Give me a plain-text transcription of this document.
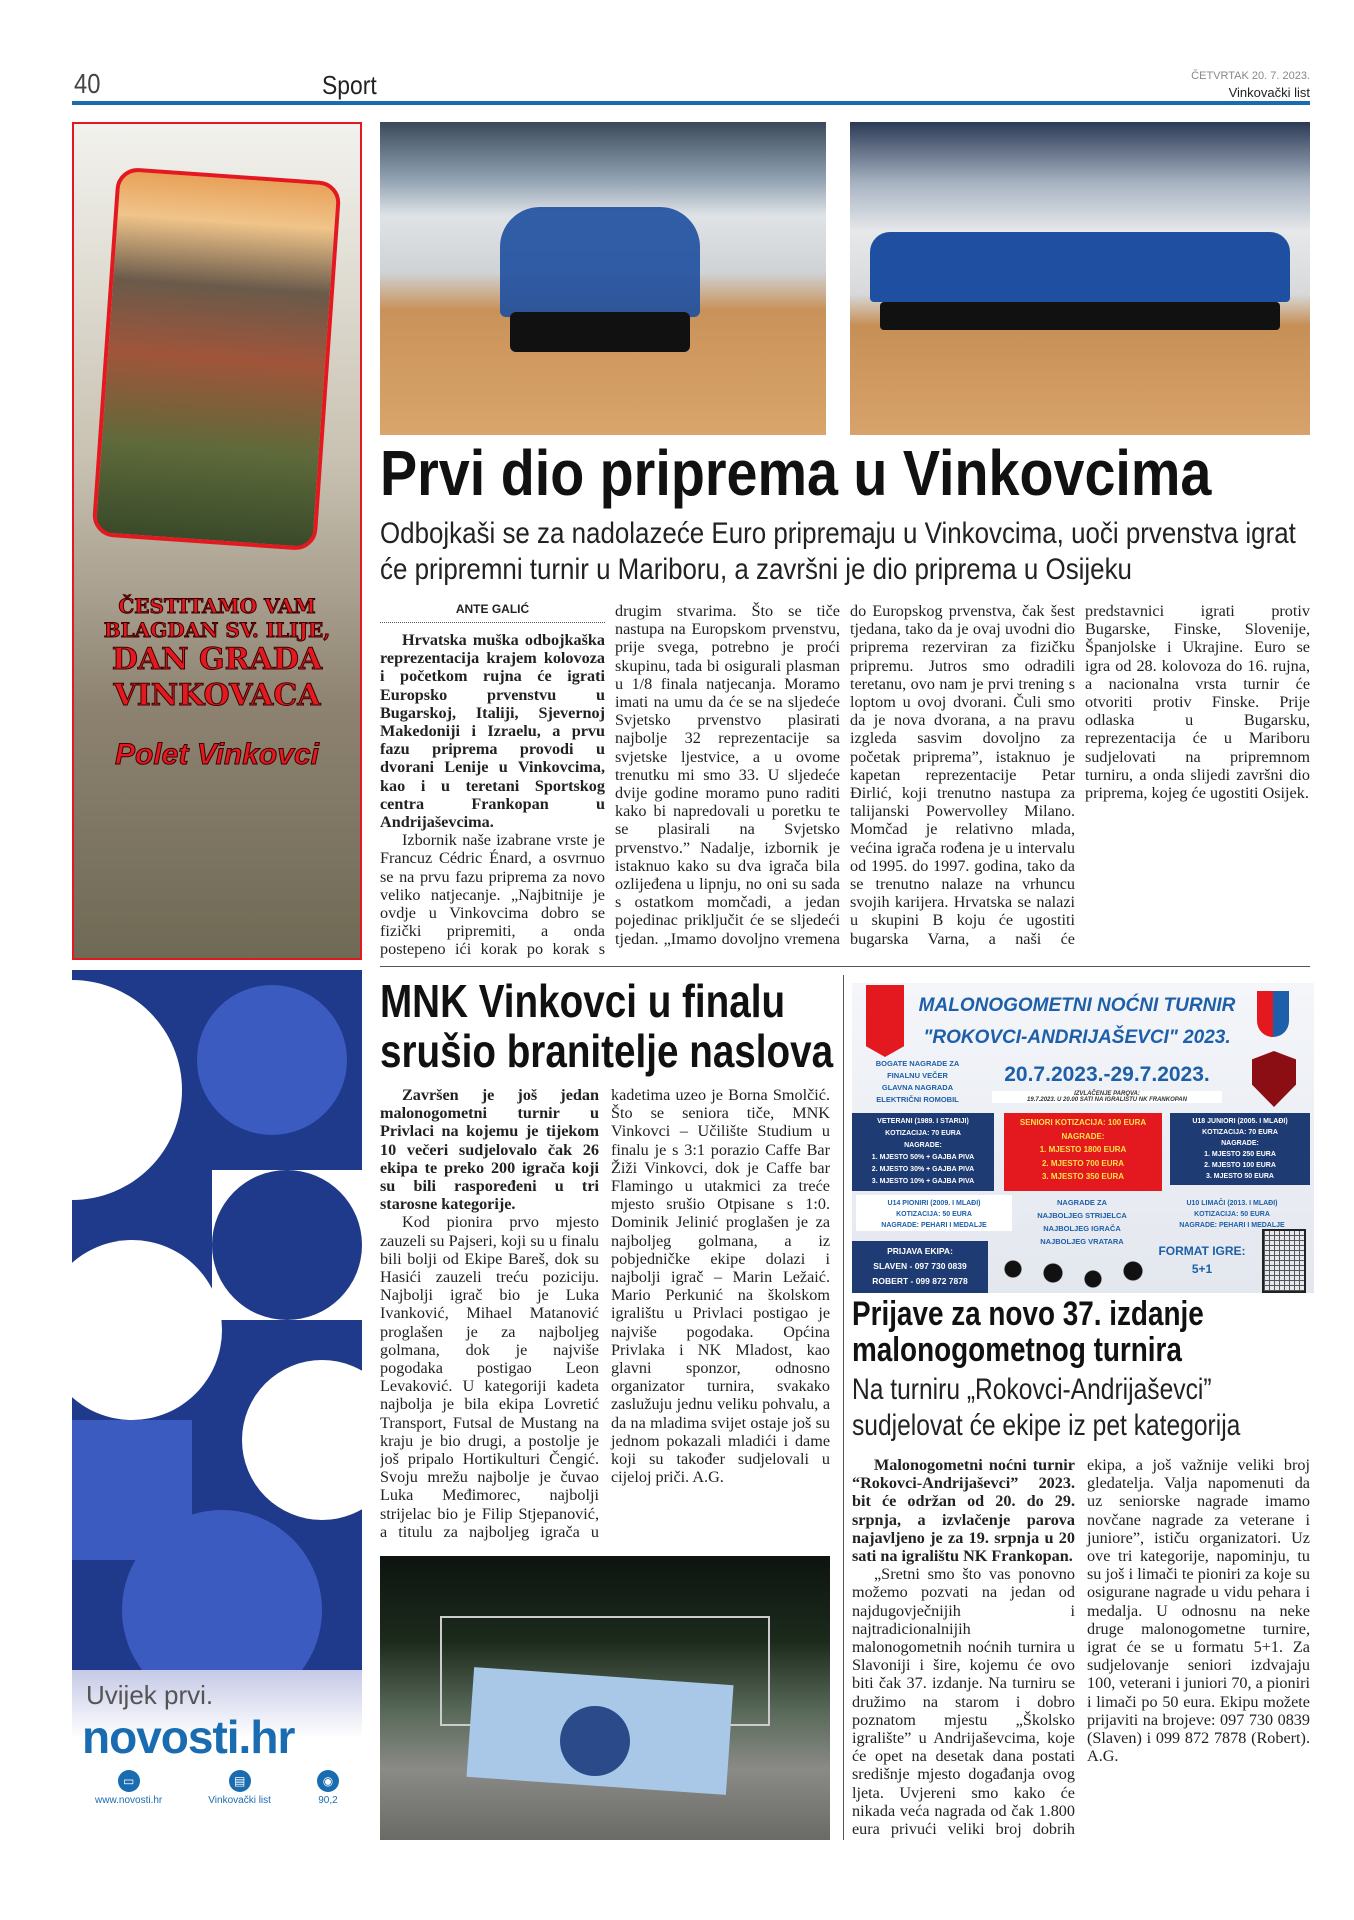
40	Sport	ČETVRTAK 20. 7. 2023.
Vinkovački list
ČESTITAMO VAM
BLAGDAN SV. ILIJE,
DAN GRADA
VINKOVACA
Polet Vinkovci
Prvi dio priprema u Vinkovcima
Odbojkaši se za nadolazeće Euro pripremaju u Vinkovcima, uoči prvenstva igrat će pripremni turnir u Mariboru, a završni je dio priprema u Osijeku
ANTE GALIĆ

Hrvatska muška odbojkaška reprezentacija krajem kolovoza i početkom rujna će igrati Europsko prvenstvu u Bugarskoj, Italiji, Sjevernoj Makedoniji i Izraelu, a prvu fazu priprema provodi u dvorani Lenije u Vinkovcima, kao i u teretani Sportskog centra Frankopan u Andrijaševcima.

Izbornik naše izabrane vrste je Francuz Cédric Énard, a osvrnuo se na prvu fazu priprema za novo veliko natjecanje. „Najbitnije je ovdje u Vinkovcima dobro se fizički pripremiti, a onda postepeno ići korak po korak s drugim stvarima. Što se tiče nastupa na Europskom prvenstvu, prije svega, potrebno je proći skupinu, tada bi osigurali plasman u 1/8 finala natjecanja. Moramo imati na umu da će se na sljedeće Svjetsko prvenstvo plasirati najbolje 32 reprezentacije sa svjetske ljestvice, a u ovome trenutku mi smo 33. U sljedeće dvije godine moramo puno raditi kako bi napredovali u poretku te se plasirali na Svjetsko prvenstvo.” Nadalje, izbornik je istaknuo kako su dva igrača bila ozlijeđena u lipnju, no oni su sada s ostatkom momčadi, a jedan pojedinac priključit će se sljedeći tjedan. „Imamo dovoljno vremena do Europskog prvenstva, čak šest tjedana, tako da je ovaj uvodni dio priprema rezerviran za fizičku pripremu. Jutros smo odradili teretanu, ovo nam je prvi trening s loptom u ovoj dvorani. Čuli smo da je nova dvorana, a na pravu izgleda sasvim dovoljno za početak priprema”, istaknuo je kapetan reprezentacije Petar Đirlić, koji trenutno nastupa za talijanski Powervolley Milano. Momčad je relativno mlada, većina igrača rođena je u intervalu od 1995. do 1997. godina, tako da se trenutno nalaze na vrhuncu svojih karijera. Hrvatska se nalazi u skupini B koju će ugostiti bugarska Varna, a naši će predstavnici igrati protiv Bugarske, Finske, Slovenije, Španjolske i Ukrajine. Euro se igra od 28. kolovoza do 16. rujna, a nacionalna vrsta turnir će otvoriti protiv Finske. Prije odlaska u Bugarsku, reprezentacija će u Mariboru sudjelovati na pripremnom turniru, a onda slijedi završni dio priprema, kojeg će ugostiti Osijek.

Uvijek prvi.
novosti.hr
▭
www.novosti.hr
▤
Vinkovački list
◉
90,2
MNK Vinkovci u finalu
srušio branitelje naslova

Završen je još jedan malonogometni turnir u Privlaci na kojemu je tijekom 10 večeri sudjelovalo čak 26 ekipa te preko 200 igrača koji su bili raspoređeni u tri starosne kategorije.

Kod pionira prvo mjesto zauzeli su Pajseri, koji su u finalu bili bolji od Ekipe Bareš, dok su Hasići zauzeli treću poziciju. Najbolji igrač bio je Luka Ivanković, Mihael Matanović proglašen je za najboljeg golmana, dok je najviše pogodaka postigao Leon Levaković. U kategoriji kadeta najbolja je bila ekipa Lovretić Transport, Futsal de Mustang na kraju je bio drugi, a postolje je još pripalo Hortikulturi Čengić. Svoju mrežu najbolje je čuvao Luka Međimorec, najbolji strijelac bio je Filip Stjepanović, a titulu za najboljeg igrača u kadetima uzeo je Borna Smolčić. Što se seniora tiče, MNK Vinkovci – Učilište Studium u finalu je s 3:1 porazio Caffe Bar Žiži Vinkovci, dok je Caffe bar Flamingo u utakmici za treće mjesto srušio Otpisane s 1:0. Dominik Jelinić proglašen je za najboljeg golmana, a iz pobjedničke ekipe dolazi i najbolji igrač – Marin Ležaić. Mario Perkunić na školskom igralištu u Privlaci postigao je najviše pogodaka. Općina Privlaka i NK Mladost, kao glavni sponzor, odnosno organizator turnira, svakako zaslužuju jednu veliku pohvalu, a da na mladima svijet ostaje još su jednom pokazali mladići i dame koji su također sudjelovali u cijeloj priči. A.G.

MALONOGOMETNI NOĆNI TURNIR
"ROKOVCI-ANDRIJAŠEVCI" 2023.
BOGATE NAGRADE ZA
FINALNU VEČER
GLAVNA NAGRADA
ELEKTRIČNI ROMOBIL
20.7.2023.-29.7.2023.
IZVLAČENJE PAROVA:
19.7.2023. U 20.00 SATI NA IGRALIŠTU NK FRANKOPAN
VETERANI (1989. I STARIJI)
KOTIZACIJA: 70 EURA
NAGRADE:
1. MJESTO 50% + GAJBA PIVA
2. MJESTO 30% + GAJBA PIVA
3. MJESTO 10% + GAJBA PIVA
SENIORI KOTIZACIJA: 100 EURA
NAGRADE:
1. MJESTO 1800 EURA
2. MJESTO 700 EURA
3. MJESTO 350 EURA
U18 JUNIORI (2005. I MLAĐI)
KOTIZACIJA: 70 EURA
NAGRADE:
1. MJESTO 250 EURA
2. MJESTO 100 EURA
3. MJESTO 50 EURA
U14 PIONIRI (2009. I MLAĐI)
KOTIZACIJA: 50 EURA
NAGRADE: PEHARI I MEDALJE
NAGRADE ZA
NAJBOLJEG STRIJELCA
NAJBOLJEG IGRAČA
NAJBOLJEG VRATARA
U10 LIMAČI (2013. I MLAĐI)
KOTIZACIJA: 50 EURA
NAGRADE: PEHARI I MEDALJE
PRIJAVA EKIPA:
SLAVEN - 097 730 0839
ROBERT - 099 872 7878
FORMAT IGRE:
5+1
Prijave za novo 37. izdanje
malonogometnog turnira
Na turniru „Rokovci-Andrijaševci”
sudjelovat će ekipe iz pet kategorija

Malonogometni noćni turnir “Rokovci-Andrijaševci” 2023. bit će održan od 20. do 29. srpnja, a izvlačenje parova najavljeno je za 19. srpnja u 20 sati na igralištu NK Frankopan.

„Sretni smo što vas ponovno možemo pozvati na jedan od najdugovječnijih i najtradicionalnijih malonogometnih noćnih turnira u Slavoniji i šire, kojemu će ovo biti čak 37. izdanje. Na turniru se družimo na starom i dobro poznatom mjestu „Školsko igralište” u Andrijaševcima, koje će opet na desetak dana postati središnje mjesto događanja ovog ljeta. Uvjereni smo kako će nikada veća nagrada od čak 1.800 eura privući veliki broj dobrih ekipa, a još važnije veliki broj gledatelja. Valja napomenuti da uz seniorske nagrade imamo novčane nagrade za veterane i juniore”, ističu organizatori. Uz ove tri kategorije, napominju, tu su još i limači te pioniri za koje su osigurane nagrade u vidu pehara i medalja. U odnosnu na neke druge malonogometne turnire, igrat će se u formatu 5+1. Za sudjelovanje seniori izdvajaju 100, veterani i juniori 70, a pioniri i limači po 50 eura. Ekipu možete prijaviti na brojeve: 097 730 0839 (Slaven) i 099 872 7878 (Robert). A.G.
